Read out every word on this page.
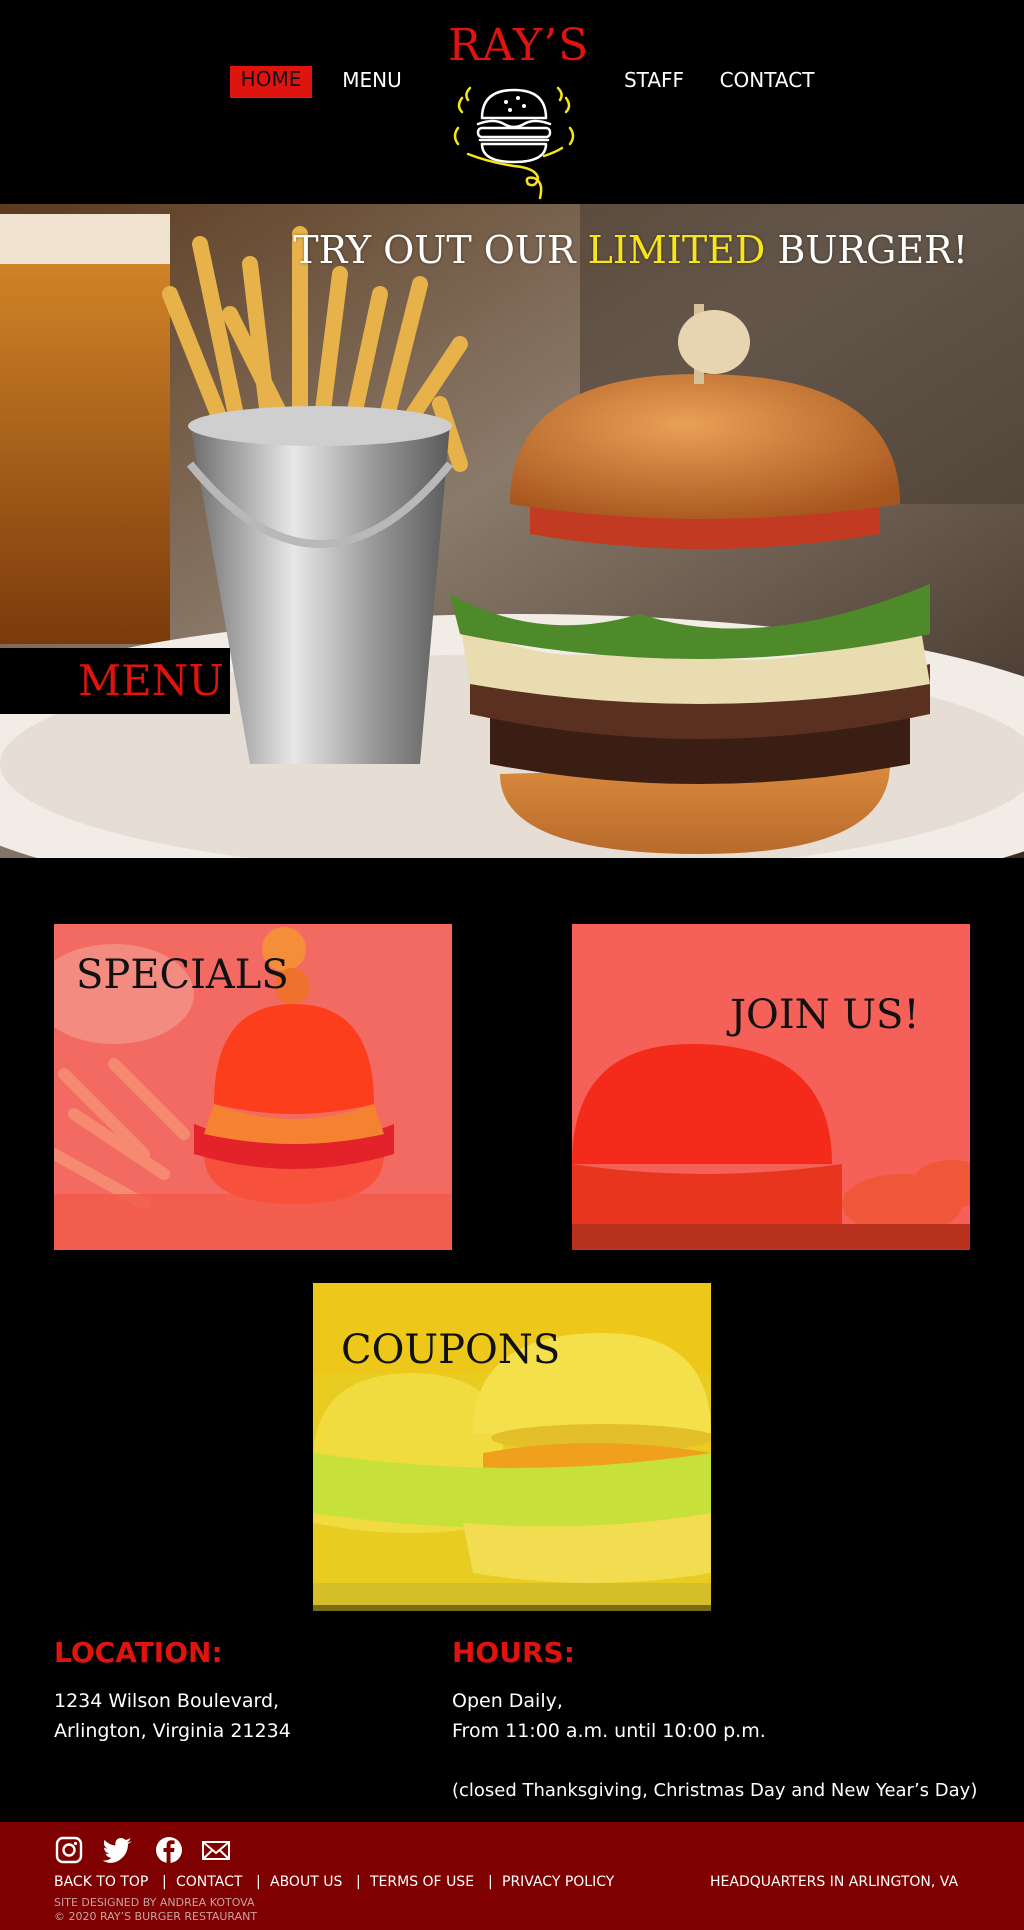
HOME	MENU
RAY’S
STAFF CONTACT
TRY OUT OUR LIMITED BURGER!
MENU
SPECIALS
JOIN US!
COUPONS
LOCATION:
1234 Wilson Boulevard,
Arlington, Virginia 21234
HOURS:
Open Daily,
From 11:00 a.m. until 10:00 p.m.
(closed Thanksgiving, Christmas Day and New Year’s Day)
BACK TO TOP | CONTACT | ABOUT US | TERMS OF USE | PRIVACY POLICY	HEADQUARTERS IN ARLINGTON, VA
SITE DESIGNED BY ANDREA KOTOVA
© 2020 RAY’S BURGER RESTAURANT
